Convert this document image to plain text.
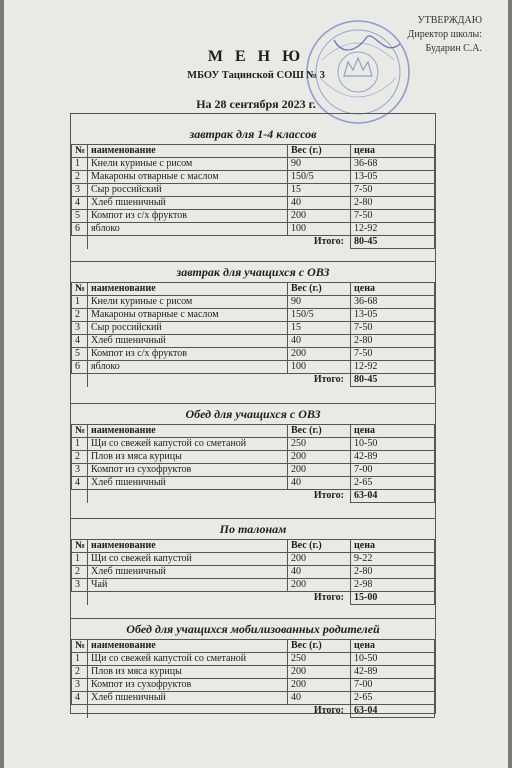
УТВЕРЖДАЮ
Директор школы:
Бударин С.А.
М Е Н Ю
МБОУ Тацинской СОШ № 3
На 28 сентября 2023 г.
завтрак для 1-4 классов
№	наименование	Вес (г.)	цена
1	Кнели куриные с рисом	90	36-68
2	Макароны отварные с маслом	150/5	13-05
3	Сыр российский	15	7-50
4	Хлеб пшеничный	40	2-80
5	Компот из с/х фруктов	200	7-50
6	яблоко	100	12-92
	Итого:		80-45
завтрак для учащихся с ОВЗ
№	наименование	Вес (г.)	цена
1	Кнели куриные с рисом	90	36-68
2	Макароны отварные с маслом	150/5	13-05
3	Сыр российский	15	7-50
4	Хлеб пшеничный	40	2-80
5	Компот из с/х фруктов	200	7-50
6	яблоко	100	12-92
	Итого:		80-45
Обед для учащихся с ОВЗ
№	наименование	Вес (г.)	цена
1	Щи со свежей капустой со сметаной	250	10-50
2	Плов из мяса курицы	200	42-89
3	Компот из сухофруктов	200	7-00
4	Хлеб пшеничный	40	2-65
	Итого:		63-04
По талонам
№	наименование	Вес (г.)	цена
1	Щи со свежей капустой	200	9-22
2	Хлеб пшеничный	40	2-80
3	Чай	200	2-98
	Итого:		15-00
Обед для учащихся мобилизованных родителей
№	наименование	Вес (г.)	цена
1	Щи со свежей капустой со сметаной	250	10-50
2	Плов из мяса курицы	200	42-89
3	Компот из сухофруктов	200	7-00
4	Хлеб пшеничный	40	2-65
	Итого:		63-04
